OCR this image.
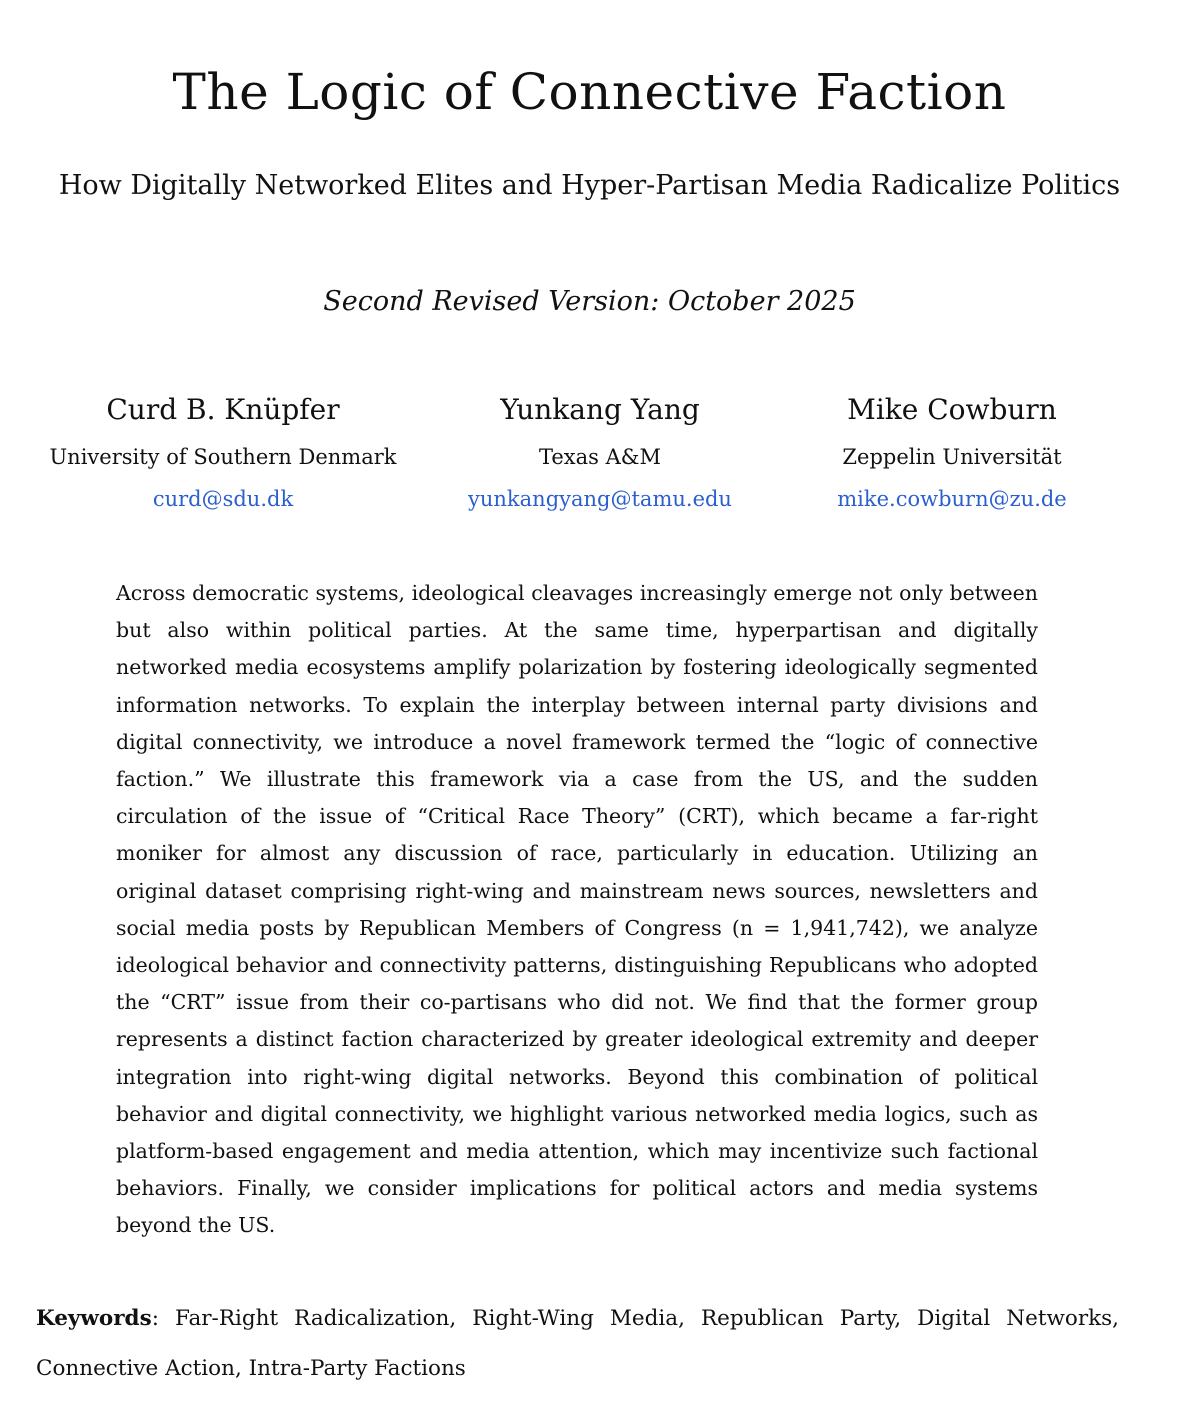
The Logic of Connective Faction
How Digitally Networked Elites and Hyper-Partisan Media Radicalize Politics
Second Revised Version: October 2025
Curd B. Knüpfer
University of Southern Denmark
curd@sdu.dk
Yunkang Yang
Texas A&M
yunkangyang@tamu.edu
Mike Cowburn
Zeppelin Universität
mike.cowburn@zu.de
Across democratic systems, ideological cleavages increasingly emerge not only between but also within political parties. At the same time, hyperpartisan and digitally networked media ecosystems amplify polarization by fostering ideologically segmented information networks. To explain the interplay between internal party divisions and digital connectivity, we introduce a novel framework termed the “logic of connective faction.” We illustrate this framework via a case from the US, and the sudden circulation of the issue of “Critical Race Theory” (CRT), which became a far-right moniker for almost any discussion of race, particularly in education. Utilizing an original dataset comprising right-wing and mainstream news sources, newsletters and social media posts by Republican Members of Congress (n = 1,941,742), we analyze ideological behavior and connectivity patterns, distinguishing Republicans who adopted the “CRT” issue from their co-partisans who did not. We find that the former group represents a distinct faction characterized by greater ideological extremity and deeper integration into right-wing digital networks. Beyond this combination of political behavior and digital connectivity, we highlight various networked media logics, such as platform-based engagement and media attention, which may incentivize such factional behaviors. Finally, we consider implications for political actors and media systems beyond the US.
Keywords: Far-Right Radicalization, Right-Wing Media, Republican Party, Digital Networks, Connective Action, Intra-Party Factions
